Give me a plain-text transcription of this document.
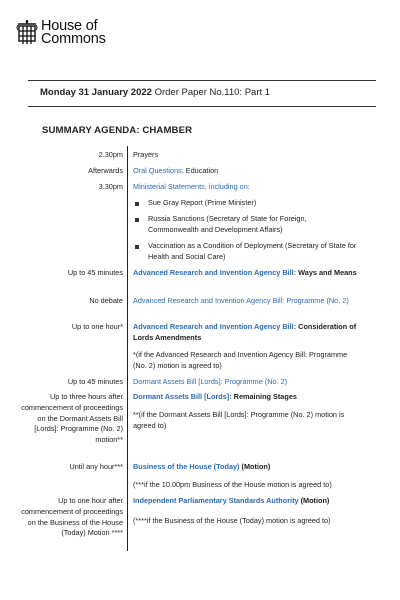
House of
Commons
Monday 31 January 2022 Order Paper No.110: Part 1
SUMMARY AGENDA: CHAMBER
2.30pm Prayers
Afterwards Oral Questions: Education
3.30pm Ministerial Statements, including on:
Sue Gray Report (Prime Minister)
Russia Sanctions (Secretary of State for Foreign, Commonwealth and Development Affairs)
Vaccination as a Condition of Deployment (Secretary of State for Health and Social Care)
Up to 45 minutes Advanced Research and Invention Agency Bill: Ways and Means
No debate Advanced Research and Invention Agency Bill: Programme (No. 2)
Up to one hour* Advanced Research and Invention Agency Bill: Consideration of Lords Amendments
*(if the Advanced Research and Invention Agency Bill: Programme (No. 2) motion is agreed to)
Up to 45 minutes Dormant Assets Bill [Lords]: Programme (No. 2)
Up to three hours after commencement of proceedings on the Dormant Assets Bill [Lords]: Programme (No. 2) motion**
Dormant Assets Bill [Lords]: Remaining Stages
**(if the Dormant Assets Bill [Lords]: Programme (No. 2) motion is agreed to)
Until any hour*** Business of the House (Today) (Motion)
(***if the 10.00pm Business of the House motion is agreed to)
Up to one hour after commencement of proceedings on the Business of the House (Today) Motion ****
Independent Parliamentary Standards Authority (Motion)
(****if the Business of the House (Today) motion is agreed to)
